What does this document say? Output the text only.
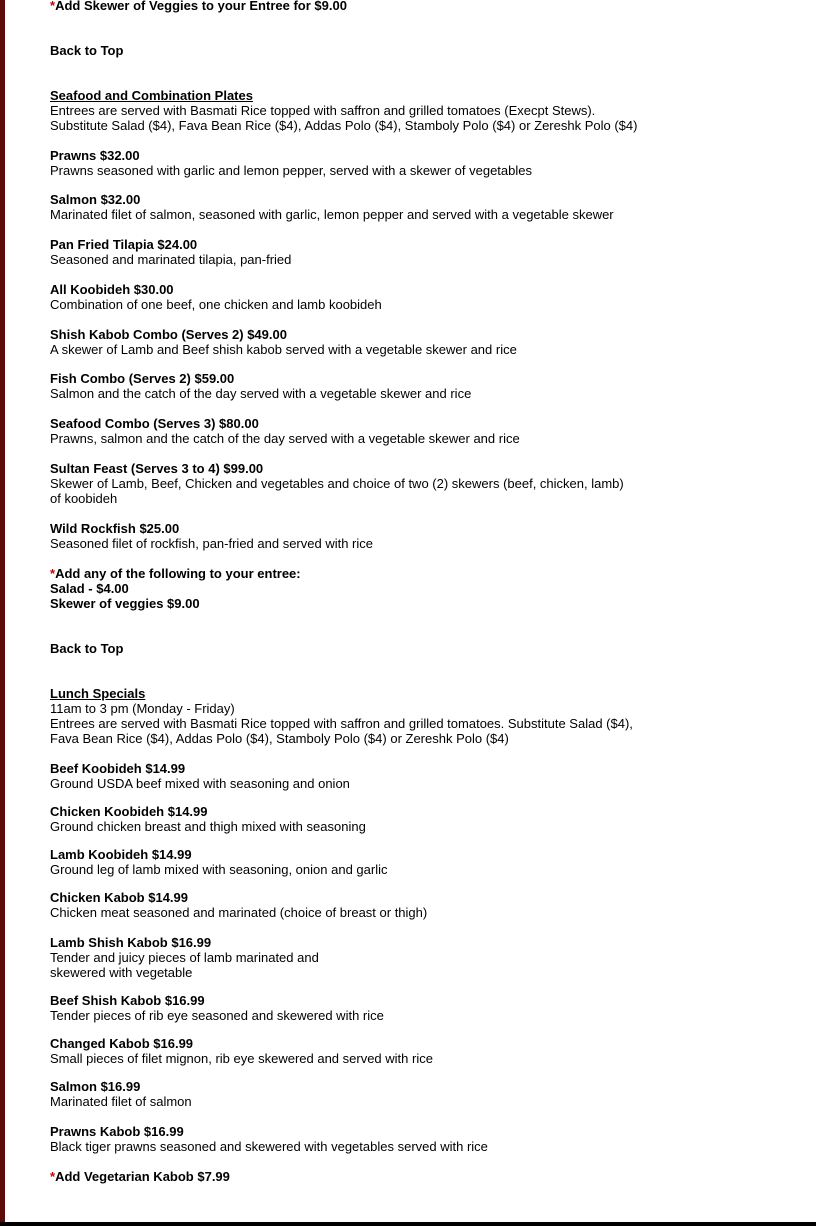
*Add Skewer of Veggies to your Entree for $9.00
Back to Top
Seafood and Combination Plates
Entrees are served with Basmati Rice topped with saffron and grilled tomatoes (Execpt Stews).
Substitute Salad ($4), Fava Bean Rice ($4), Addas Polo ($4), Stamboly Polo ($4) or Zereshk Polo ($4)
Prawns $32.00
Prawns seasoned with garlic and lemon pepper, served with a skewer of vegetables
Salmon $32.00
Marinated filet of salmon, seasoned with garlic, lemon pepper and served with a vegetable skewer
Pan Fried Tilapia $24.00
Seasoned and marinated tilapia, pan-fried
All Koobideh $30.00
Combination of one beef, one chicken and lamb koobideh
Shish Kabob Combo (Serves 2) $49.00
A skewer of Lamb and Beef shish kabob served with a vegetable skewer and rice
Fish Combo (Serves 2) $59.00
Salmon and the catch of the day served with a vegetable skewer and rice
Seafood Combo (Serves 3) $80.00
Prawns, salmon and the catch of the day served with a vegetable skewer and rice
Sultan Feast (Serves 3 to 4) $99.00
Skewer of Lamb, Beef, Chicken and vegetables and choice of two (2) skewers (beef, chicken, lamb)
of koobideh
Wild Rockfish $25.00
Seasoned filet of rockfish, pan-fried and served with rice
*Add any of the following to your entree:
Salad - $4.00
Skewer of veggies $9.00
Back to Top
Lunch Specials
11am to 3 pm (Monday - Friday)
Entrees are served with Basmati Rice topped with saffron and grilled tomatoes. Substitute Salad ($4),
Fava Bean Rice ($4), Addas Polo ($4), Stamboly Polo ($4) or Zereshk Polo ($4)
Beef Koobideh $14.99
Ground USDA beef mixed with seasoning and onion
Chicken Koobideh $14.99
Ground chicken breast and thigh mixed with seasoning
Lamb Koobideh $14.99
Ground leg of lamb mixed with seasoning, onion and garlic
Chicken Kabob $14.99
Chicken meat seasoned and marinated (choice of breast or thigh)
Lamb Shish Kabob $16.99
Tender and juicy pieces of lamb marinated and
skewered with vegetable
Beef Shish Kabob $16.99
Tender pieces of rib eye seasoned and skewered with rice
Changed Kabob $16.99
Small pieces of filet mignon, rib eye skewered and served with rice
Salmon $16.99
Marinated filet of salmon
Prawns Kabob $16.99
Black tiger prawns seasoned and skewered with vegetables served with rice
*Add Vegetarian Kabob $7.99
